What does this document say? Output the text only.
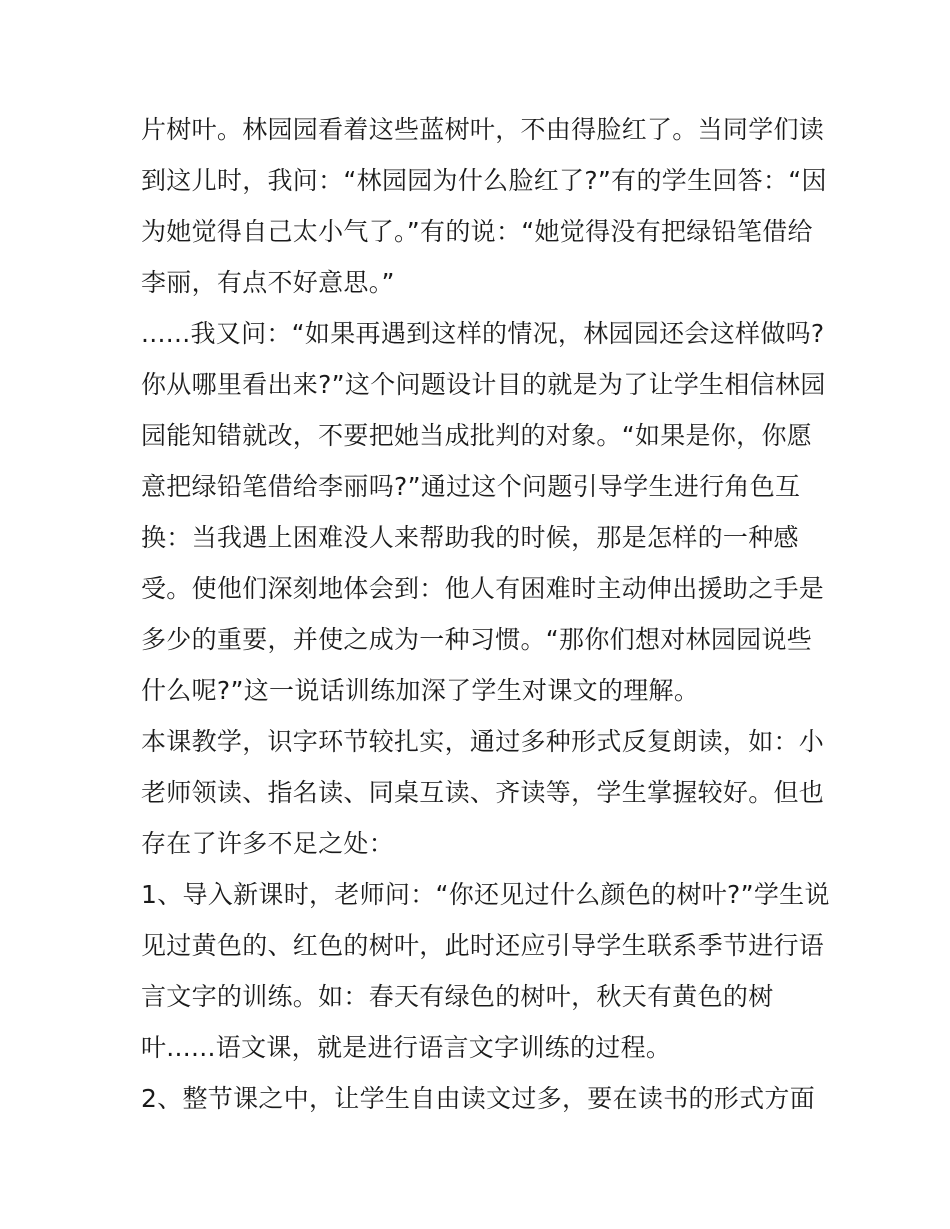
片树叶。林园园看着这些蓝树叶，不由得脸红了。当同学们读
到这儿时，我问：“林园园为什么脸红了?”有的学生回答：“因
为她觉得自己太小气了。”有的说：“她觉得没有把绿铅笔借给
李丽，有点不好意思。”
......我又问：“如果再遇到这样的情况，林园园还会这样做吗?
你从哪里看出来?”这个问题设计目的就是为了让学生相信林园
园能知错就改，不要把她当成批判的对象。“如果是你，你愿
意把绿铅笔借给李丽吗?”通过这个问题引导学生进行角色互
换：当我遇上困难没人来帮助我的时候，那是怎样的一种感
受。使他们深刻地体会到：他人有困难时主动伸出援助之手是
多少的重要，并使之成为一种习惯。“那你们想对林园园说些
什么呢?”这一说话训练加深了学生对课文的理解。
本课教学，识字环节较扎实，通过多种形式反复朗读，如：小
老师领读、指名读、同桌互读、齐读等，学生掌握较好。但也
存在了许多不足之处：
1、导入新课时，老师问：“你还见过什么颜色的树叶?”学生说
见过黄色的、红色的树叶，此时还应引导学生联系季节进行语
言文字的训练。如：春天有绿色的树叶，秋天有黄色的树
叶......语文课，就是进行语言文字训练的过程。
2、整节课之中，让学生自由读文过多，要在读书的形式方面
